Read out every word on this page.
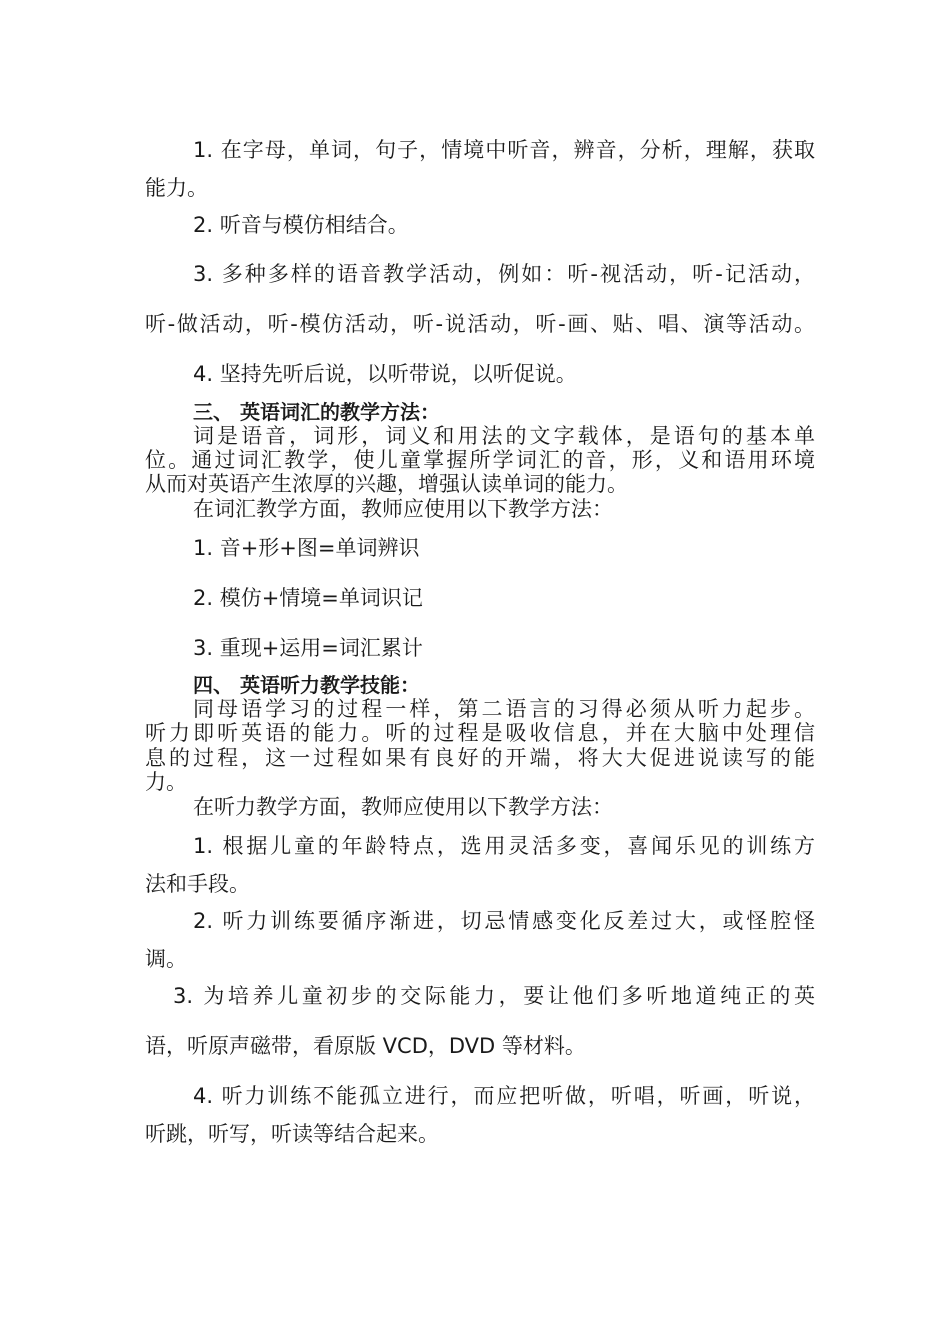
1. 在字母，单词，句子，情境中听音，辨音，分析，理解，获取
能力。
2. 听音与模仿相结合。
3. 多种多样的语音教学活动，例如：听-视活动，听-记活动，
听-做活动，听-模仿活动，听-说活动，听-画、贴、唱、演等活动。
4. 坚持先听后说，以听带说，以听促说。
三、 英语词汇的教学方法：
词是语音，词形，词义和用法的文字载体，是语句的基本单
位。通过词汇教学，使儿童掌握所学词汇的音，形，义和语用环境
从而对英语产生浓厚的兴趣，增强认读单词的能力。
在词汇教学方面，教师应使用以下教学方法：
1. 音+形+图=单词辨识
2. 模仿+情境=单词识记
3. 重现+运用=词汇累计
四、 英语听力教学技能：
同母语学习的过程一样，第二语言的习得必须从听力起步。
听力即听英语的能力。听的过程是吸收信息，并在大脑中处理信
息的过程，这一过程如果有良好的开端，将大大促进说读写的能
力。
在听力教学方面，教师应使用以下教学方法：
1. 根据儿童的年龄特点，选用灵活多变，喜闻乐见的训练方
法和手段。
2. 听力训练要循序渐进，切忌情感变化反差过大，或怪腔怪
调。
3. 为培养儿童初步的交际能力，要让他们多听地道纯正的英
语，听原声磁带，看原版 VCD，DVD 等材料。
4. 听力训练不能孤立进行，而应把听做，听唱，听画，听说，
听跳，听写，听读等结合起来。
